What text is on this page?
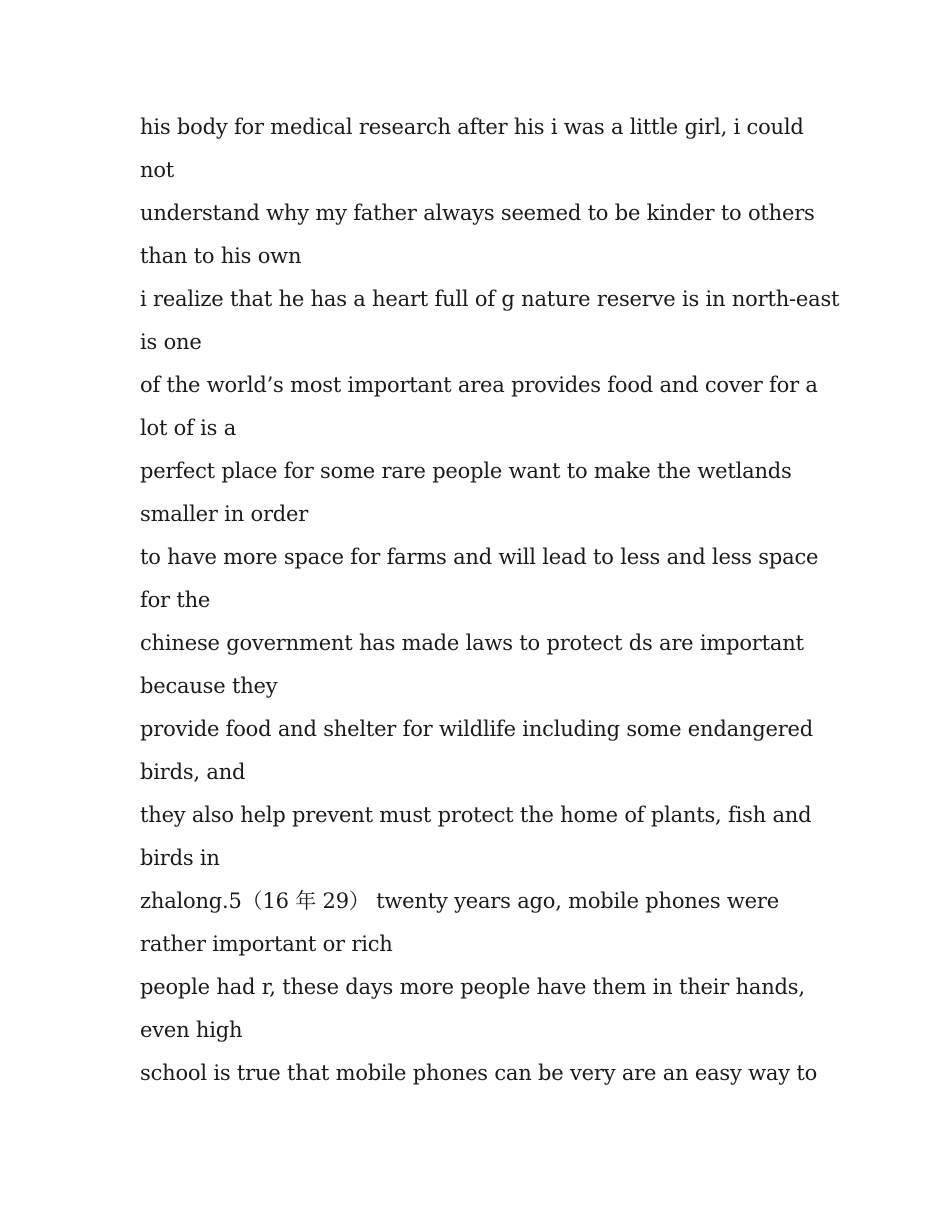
his body for medical research after his i was a little girl, i could
not
understand why my father always seemed to be kinder to others
than to his own
i realize that he has a heart full of g nature reserve is in north-east
is one
of the world’s most important area provides food and cover for a
lot of is a
perfect place for some rare people want to make the wetlands
smaller in order
to have more space for farms and will lead to less and less space
for the
chinese government has made laws to protect ds are important
because they
provide food and shelter for wildlife including some endangered
birds, and
they also help prevent must protect the home of plants, fish and
birds in
zhalong.5（16 年 29） twenty years ago, mobile phones were
rather important or rich
people had r, these days more people have them in their hands,
even high
school is true that mobile phones can be very are an easy way to
